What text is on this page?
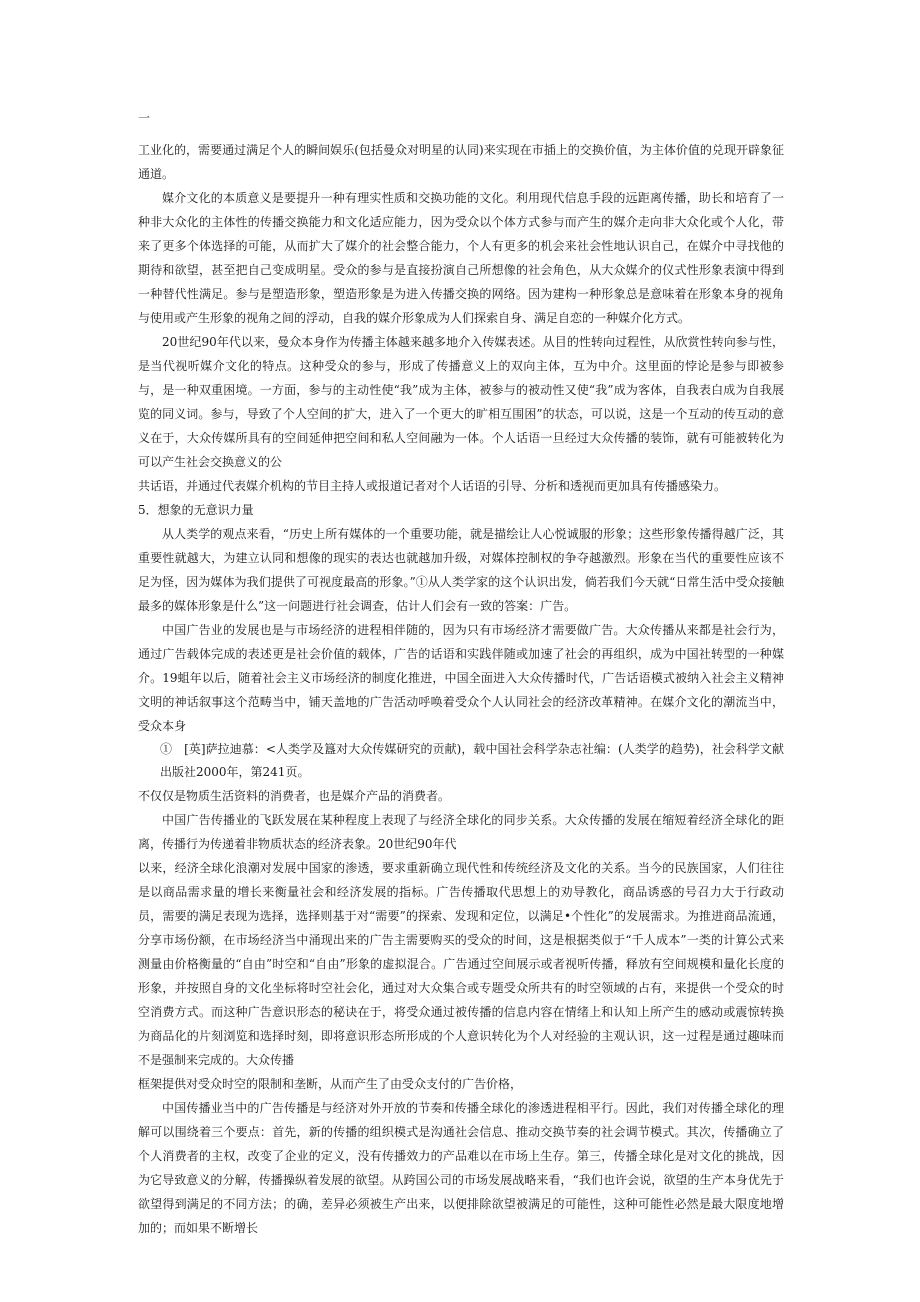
一

工业化的，需要通过满足个人的瞬间娱乐(包括曼众对明星的认同)来实现在市插上的交换价值，为主体价值的兑现开辟象征通道。

媒介文化的本质意义是要提升一种有理实性质和交换功能的文化。利用现代信息手段的远距离传播，助长和培育了一种非大众化的主体性的传播交换能力和文化适应能力，因为受众以个体方式参与而产生的媒介走向非大众化或个人化，带来了更多个体选择的可能，从而扩大了媒介的社会整合能力，个人有更多的机会来社会性地认识自己，在媒介中寻找他的期待和欲望，甚至把自己变成明星。受众的参与是直接扮演自己所想像的社会角色，从大众媒介的仪式性形象表演中得到一种替代性满足。参与是塑造形象，塑造形象是为进入传播交换的网络。因为建构一种形象总是意味着在形象本身的视角与使用或产生形象的视角之间的浮动，自我的媒介形象成为人们探索自身、满足自恋的一种媒介化方式。

20世纪90年代以来，曼众本身作为传播主体越来越多地介入传媒表述。从目的性转向过程性，从欣赏性转向参与性，是当代视听媒介文化的特点。这种受众的参与，形成了传播意义上的双向主体，互为中介。这里面的悖论是参与即被参与，是一种双重困境。一方面，参与的主动性使“我”成为主体，被参与的被动性又使“我”成为客体，自我表白成为自我展览的同义词。参与，导致了个人空间的扩大，进入了一个更大的旷相互围困”的状态，可以说，这是一个互动的传互动的意义在于，大众传媒所具有的空间延伸把空间和私人空间融为一体。个人话语一旦经过大众传播的装饰，就有可能被转化为可以产生社会交换意义的公

共话语，并通过代表媒介机构的节目主持人或报道记者对个人话语的引导、分析和透视而更加具有传播感染力。

5．想象的无意识力量

从人类学的观点来看，“历史上所有媒体的一个重要功能，就是描绘让人心悦诚服的形象；这些形象传播得越广泛，其重要性就越大，为建立认同和想像的现实的表达也就越加升级，对媒体控制权的争夺越激烈。形象在当代的重要性应该不足为怪，因为媒体为我们提供了可视度最高的形象。”①从人类学家的这个认识出发，倘若我们今天就“日常生活中受众接触最多的媒体形象是什么”这一问题进行社会调查，估计人们会有一致的答案：广告。

中国广告业的发展也是与市场经济的进程相伴随的，因为只有市场经济才需要做广告。大众传播从来都是社会行为，通过广告载体完成的表述更是社会价值的载体，广告的话语和实践伴随或加速了社会的再组织，成为中国社转型的一种媒介。19蛆年以后，随着社会主义市场经济的制度化推进，中国全面进入大众传播时代，广告话语模式被纳入社会主义精神文明的神话叙事这个范畴当中，铺天盖地的广告活动呼唤着受众个人认同社会的经济改革精神。在媒介文化的潮流当中，受众本身

①　[英]萨拉迪慕：<人类学及簋对大众传媒研究的贡献)，载中国社会科学杂志社编：(人类学的趋势)，社会科学文献出版社2000年，第241页。

不仅仅是物质生活资料的消费者，也是媒介产品的消费者。

中国广告传播业的飞跃发展在某种程度上表现了与经济全球化的同步关系。大众传播的发展在缩短着经济全球化的距离，传播行为传递着非物质状态的经济表象。20世纪90年代

以来，经济全球化浪潮对发展中国家的渗透，要求重新确立现代性和传统经济及文化的关系。当今的民族国家，人们往往是以商品需求量的增长来衡量社会和经济发展的指标。广告传播取代思想上的劝导教化，商品诱惑的号召力大于行政动员，需要的满足表现为选择，选择则基于对“需要”的探索、发现和定位，以满足•个性化”的发展需求。为推进商品流通，分享市场份额，在市场经济当中涌现出来的广告主需要购买的受众的时间，这是根据类似于“千人成本”一类的计算公式来测量由价格衡量的“自由”时空和“自由”形象的虚拟混合。广告通过空间展示或者视听传播，释放有空间规模和量化长度的形象，并按照自身的文化坐标将时空社会化，通过对大众集合或专题受众所共有的时空领域的占有，来提供一个受众的时空消费方式。而这种广告意识形态的秘诀在于，将受众通过被传播的信息内容在情绪上和认知上所产生的感动或震惊转换为商品化的片刻浏览和选择时刻，即将意识形态所形成的个人意识转化为个人对经验的主观认识，这一过程是通过趣味而不是强制来完成的。大众传播

框架提供对受众时空的限制和垄断，从而产生了由受众支付的广告价格，

中国传播业当中的广告传播是与经济对外开放的节奏和传播全球化的渗透进程相平行。因此，我们对传播全球化的理解可以围绕着三个要点：首先，新的传播的组织模式是沟通社会信息、推动交换节奏的社会调节模式。其次，传播确立了个人消费者的主权，改变了企业的定义，没有传播效力的产品难以在市场上生存。第三，传播全球化是对文化的挑战，因为它导致意义的分解，传播操纵着发展的欲望。从跨国公司的市场发展战略来看，“我们也许会说，欲望的生产本身优先于欲望得到满足的不同方法；的确，差异必须被生产出来，以便排除欲望被满足的可能性，这种可能性必然是最大限度地增加的；而如果不断增长
